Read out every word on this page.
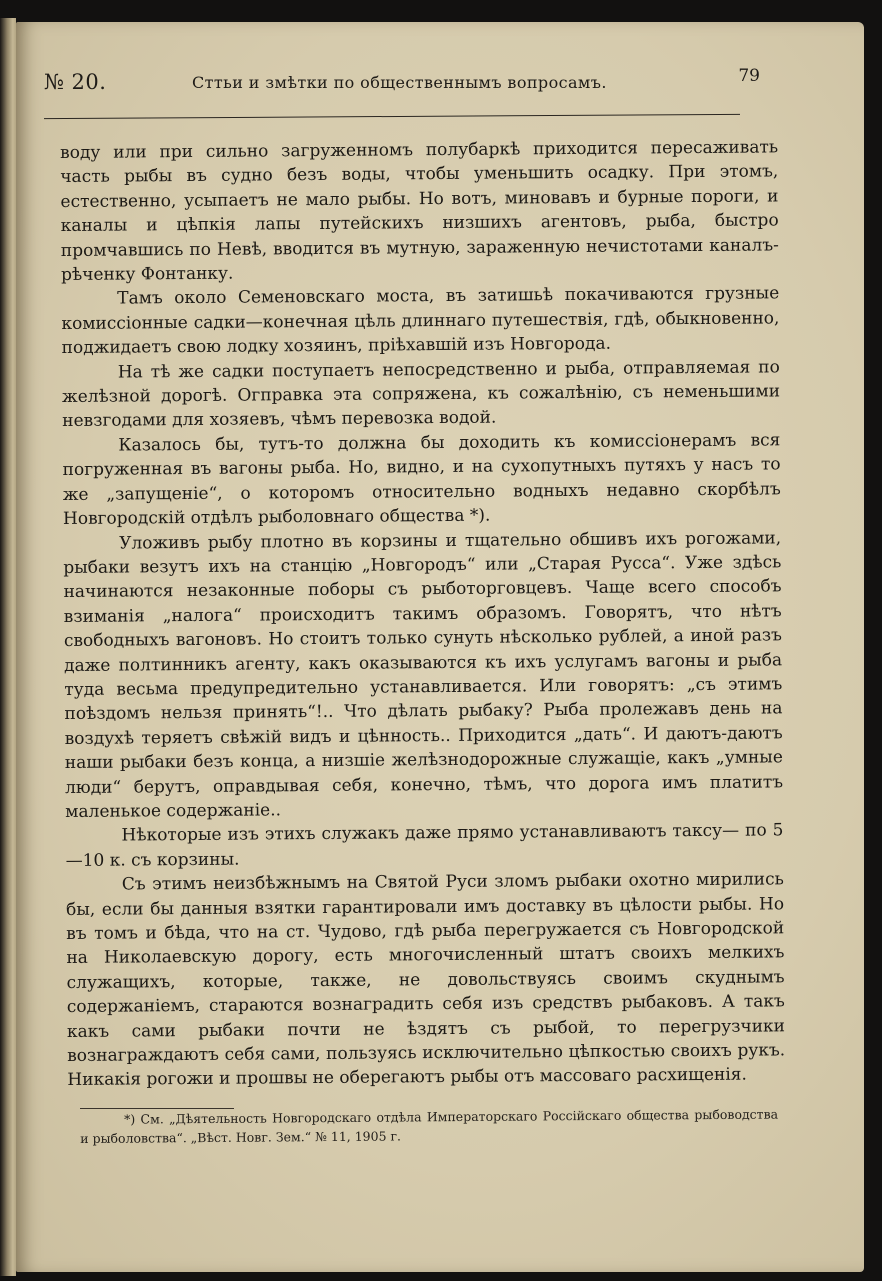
№ 20.	Сттьи и змѣтки по общественнымъ вопросамъ.	79

воду или при сильно загруженномъ полубаркѣ приходится пересаживать часть рыбы въ судно безъ воды, чтобы уменьшить осадку. При этомъ, естественно, усыпаетъ не мало рыбы. Но вотъ, миновавъ и бурные пороги, и каналы и цѣпкія лапы путейскихъ низшихъ агентовъ, рыба, быстро промчавшись по Невѣ, вводится въ мутную, зараженную нечистотами каналъ-рѣченку Фонтанку.

Тамъ около Семеновскаго моста, въ затишьѣ покачиваются грузные комиссіонные садки—конечная цѣль длиннаго путешествія, гдѣ, обыкновенно, поджидаетъ свою лодку хозяинъ, пріѣхавшій изъ Новгорода.

На тѣ же садки поступаетъ непосредственно и рыба, отправляемая по желѣзной дорогѣ. Огправка эта сопряжена, къ сожалѣнію, съ неменьшими невзгодами для хозяевъ, чѣмъ перевозка водой.

Казалось бы, тутъ-то должна бы доходить къ комиссіонерамъ вся погруженная въ вагоны рыба. Но, видно, и на сухопутныхъ путяхъ у насъ то же „запущеніе“, о которомъ относительно водныхъ недавно скорбѣлъ Новгородскій отдѣлъ рыболовнаго общества *).

Уложивъ рыбу плотно въ корзины и тщательно обшивъ ихъ рогожами, рыбаки везутъ ихъ на станцію „Новгородъ“ или „Старая Русса“. Уже здѣсь начинаются незаконные поборы съ рыботорговцевъ. Чаще всего способъ взиманія „налога“ происходитъ такимъ образомъ. Говорятъ, что нѣтъ свободныхъ вагоновъ. Но стоитъ только сунуть нѣсколько рублей, а иной разъ даже полтинникъ агенту, какъ оказываются къ ихъ услугамъ вагоны и рыба туда весьма предупредительно устанавливается. Или говорятъ: „съ этимъ поѣздомъ нельзя принять“!.. Что дѣлать рыбаку? Рыба пролежавъ день на воздухѣ теряетъ свѣжій видъ и цѣнность.. Приходится „дать“. И даютъ-даютъ наши рыбаки безъ конца, а низшіе желѣзнодорожные служащіе, какъ „умные люди“ берутъ, оправдывая себя, конечно, тѣмъ, что дорога имъ платитъ маленькое содержаніе..

Нѣкоторые изъ этихъ служакъ даже прямо устанавливаютъ таксу— по 5—10 к. съ корзины.

Съ этимъ неизбѣжнымъ на Святой Руси зломъ рыбаки охотно мирились бы, если бы данныя взятки гарантировали имъ доставку въ цѣлости рыбы. Но въ томъ и бѣда, что на ст. Чудово, гдѣ рыба перегружается съ Новгородской на Николаевскую дорогу, есть многочисленный штатъ своихъ мелкихъ служащихъ, которые, также, не довольствуясь своимъ скуднымъ содержаніемъ, стараются вознаградить себя изъ средствъ рыбаковъ. А такъ какъ сами рыбаки почти не ѣздятъ съ рыбой, то перегрузчики вознаграждаютъ себя сами, пользуясь исключительно цѣпкостью своихъ рукъ. Никакія рогожи и прошвы не оберегаютъ рыбы отъ массоваго расхищенія.

*) См. „Дѣятельность Новгородскаго отдѣла Императорскаго Россійскаго общества рыбоводства и рыболовства“. „Вѣст. Новг. Зем.“ № 11, 1905 г.
